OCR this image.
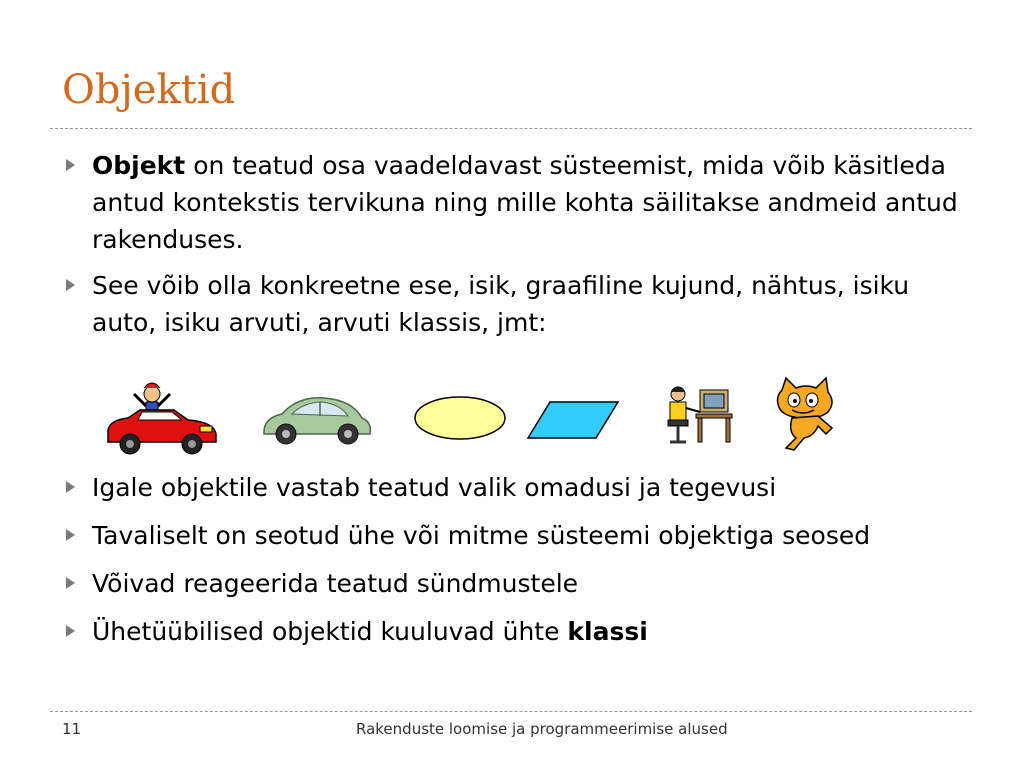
Objektid
Objekt on teatud osa vaadeldavast süsteemist, mida võib käsitleda antud kontekstis tervikuna ning mille kohta säilitakse andmeid antud rakenduses.
See võib olla konkreetne ese, isik, graafiline kujund, nähtus, isiku auto, isiku arvuti, arvuti klassis, jmt:
Igale objektile vastab teatud valik omadusi ja tegevusi
Tavaliselt on seotud ühe või mitme süsteemi objektiga seosed
Võivad reageerida teatud sündmustele
Ühetüübilised objektid kuuluvad ühte klassi
11	Rakenduste loomise ja programmeerimise alused
